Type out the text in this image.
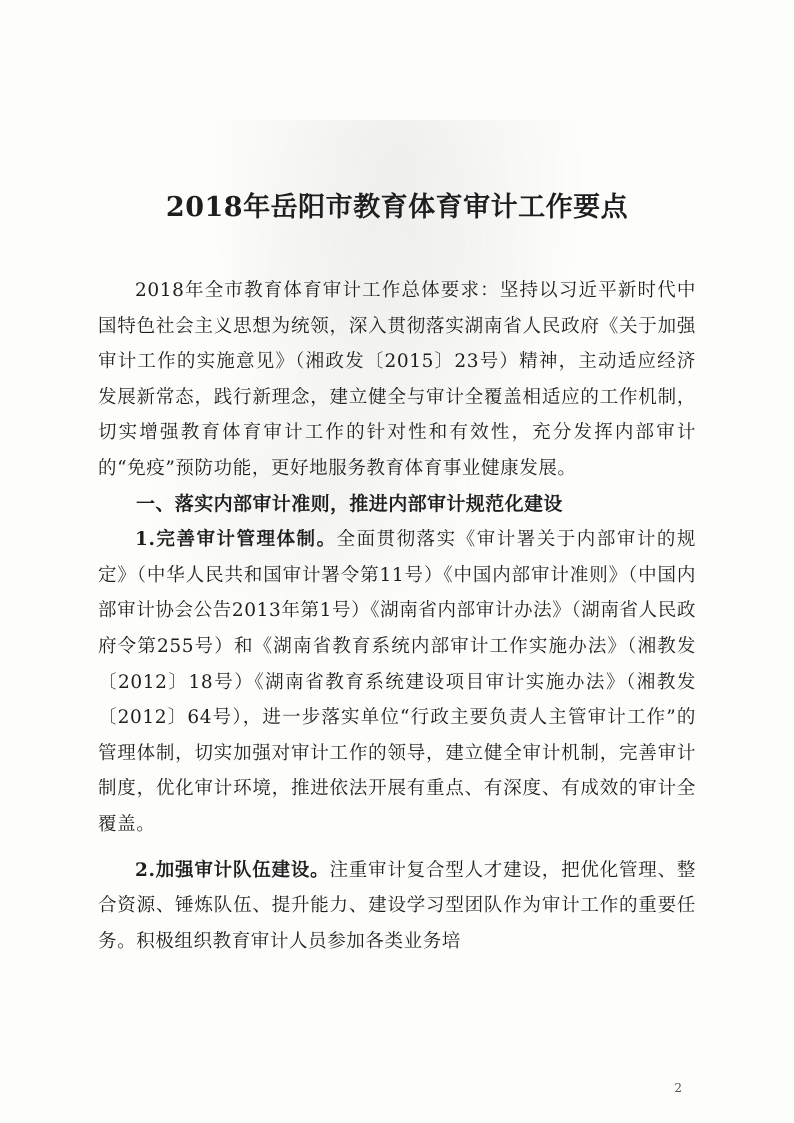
2018年岳阳市教育体育审计工作要点

2018年全市教育体育审计工作总体要求：坚持以习近平新时代中国特色社会主义思想为统领，深入贯彻落实湖南省人民政府《关于加强审计工作的实施意见》（湘政发〔2015〕23号）精神，主动适应经济发展新常态，践行新理念，建立健全与审计全覆盖相适应的工作机制，切实增强教育体育审计工作的针对性和有效性，充分发挥内部审计的“免疫”预防功能，更好地服务教育体育事业健康发展。

一、落实内部审计准则，推进内部审计规范化建设

1.完善审计管理体制。全面贯彻落实《审计署关于内部审计的规定》（中华人民共和国审计署令第11号）《中国内部审计准则》（中国内部审计协会公告2013年第1号）《湖南省内部审计办法》（湖南省人民政府令第255号）和《湖南省教育系统内部审计工作实施办法》（湘教发〔2012〕18号）《湖南省教育系统建设项目审计实施办法》（湘教发〔2012〕64号），进一步落实单位“行政主要负责人主管审计工作”的管理体制，切实加强对审计工作的领导，建立健全审计机制，完善审计制度，优化审计环境，推进依法开展有重点、有深度、有成效的审计全覆盖。

2.加强审计队伍建设。注重审计复合型人才建设，把优化管理、整合资源、锤炼队伍、提升能力、建设学习型团队作为审计工作的重要任务。积极组织教育审计人员参加各类业务培

2
